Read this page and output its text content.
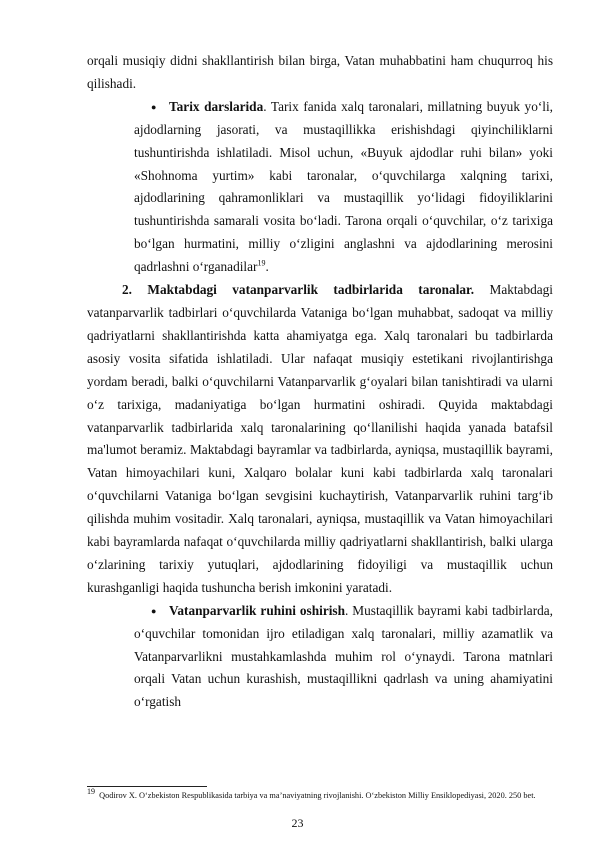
orqali musiqiy didni shakllantirish bilan birga, Vatan muhabbatini ham chuqurroq his qilishadi.

● Tarix darslarida. Tarix fanida xalq taronalari, millatning buyuk yo‘li, ajdodlarning jasorati, va mustaqillikka erishishdagi qiyinchiliklarni tushuntirishda ishlatiladi. Misol uchun, «Buyuk ajdodlar ruhi bilan» yoki «Shohnoma yurtim» kabi taronalar, o‘quvchilarga xalqning tarixi, ajdodlarining qahramonliklari va mustaqillik yo‘lidagi fidoyiliklarini tushuntirishda samarali vosita bo‘ladi. Tarona orqali o‘quvchilar, o‘z tarixiga bo‘lgan hurmatini, milliy o‘zligini anglashni va ajdodlarining merosini qadrlashni o‘rganadilar$^{19}$.

2. Maktabdagi vatanparvarlik tadbirlarida taronalar. Maktabdagi vatanparvarlik tadbirlari o‘quvchilarda Vataniga bo‘lgan muhabbat, sadoqat va milliy qadriyatlarni shakllantirishda katta ahamiyatga ega. Xalq taronalari bu tadbirlarda asosiy vosita sifatida ishlatiladi. Ular nafaqat musiqiy estetikani rivojlantirishga yordam beradi, balki o‘quvchilarni Vatanparvarlik g‘oyalari bilan tanishtiradi va ularni o‘z tarixiga, madaniyatiga bo‘lgan hurmatini oshiradi. Quyida maktabdagi vatanparvarlik tadbirlarida xalq taronalarining qo‘llanilishi haqida yanada batafsil ma'lumot beramiz. Maktabdagi bayramlar va tadbirlarda, ayniqsa, mustaqillik bayrami, Vatan himoyachilari kuni, Xalqaro bolalar kuni kabi tadbirlarda xalq taronalari o‘quvchilarni Vataniga bo‘lgan sevgisini kuchaytirish, Vatanparvarlik ruhini targ‘ib qilishda muhim vositadir. Xalq taronalari, ayniqsa, mustaqillik va Vatan himoyachilari kabi bayramlarda nafaqat o‘quvchilarda milliy qadriyatlarni shakllantirish, balki ularga o‘zlarining tarixiy yutuqlari, ajdodlarining fidoyiligi va mustaqillik uchun kurashganligi haqida tushuncha berish imkonini yaratadi.

● Vatanparvarlik ruhini oshirish. Mustaqillik bayrami kabi tadbirlarda, o‘quvchilar tomonidan ijro etiladigan xalq taronalari, milliy azamatlik va Vatanparvarlikni mustahkamlashda muhim rol o‘ynaydi. Tarona matnlari orqali Vatan uchun kurashish, mustaqillikni qadrlash va uning ahamiyatini o‘rgatish

$^{19}$ Qodirov X. O‘zbekiston Respublikasida tarbiya va ma’naviyatning rivojlanishi. O‘zbekiston Milliy Ensiklopediyasi, 2020. 250 bet.
23
